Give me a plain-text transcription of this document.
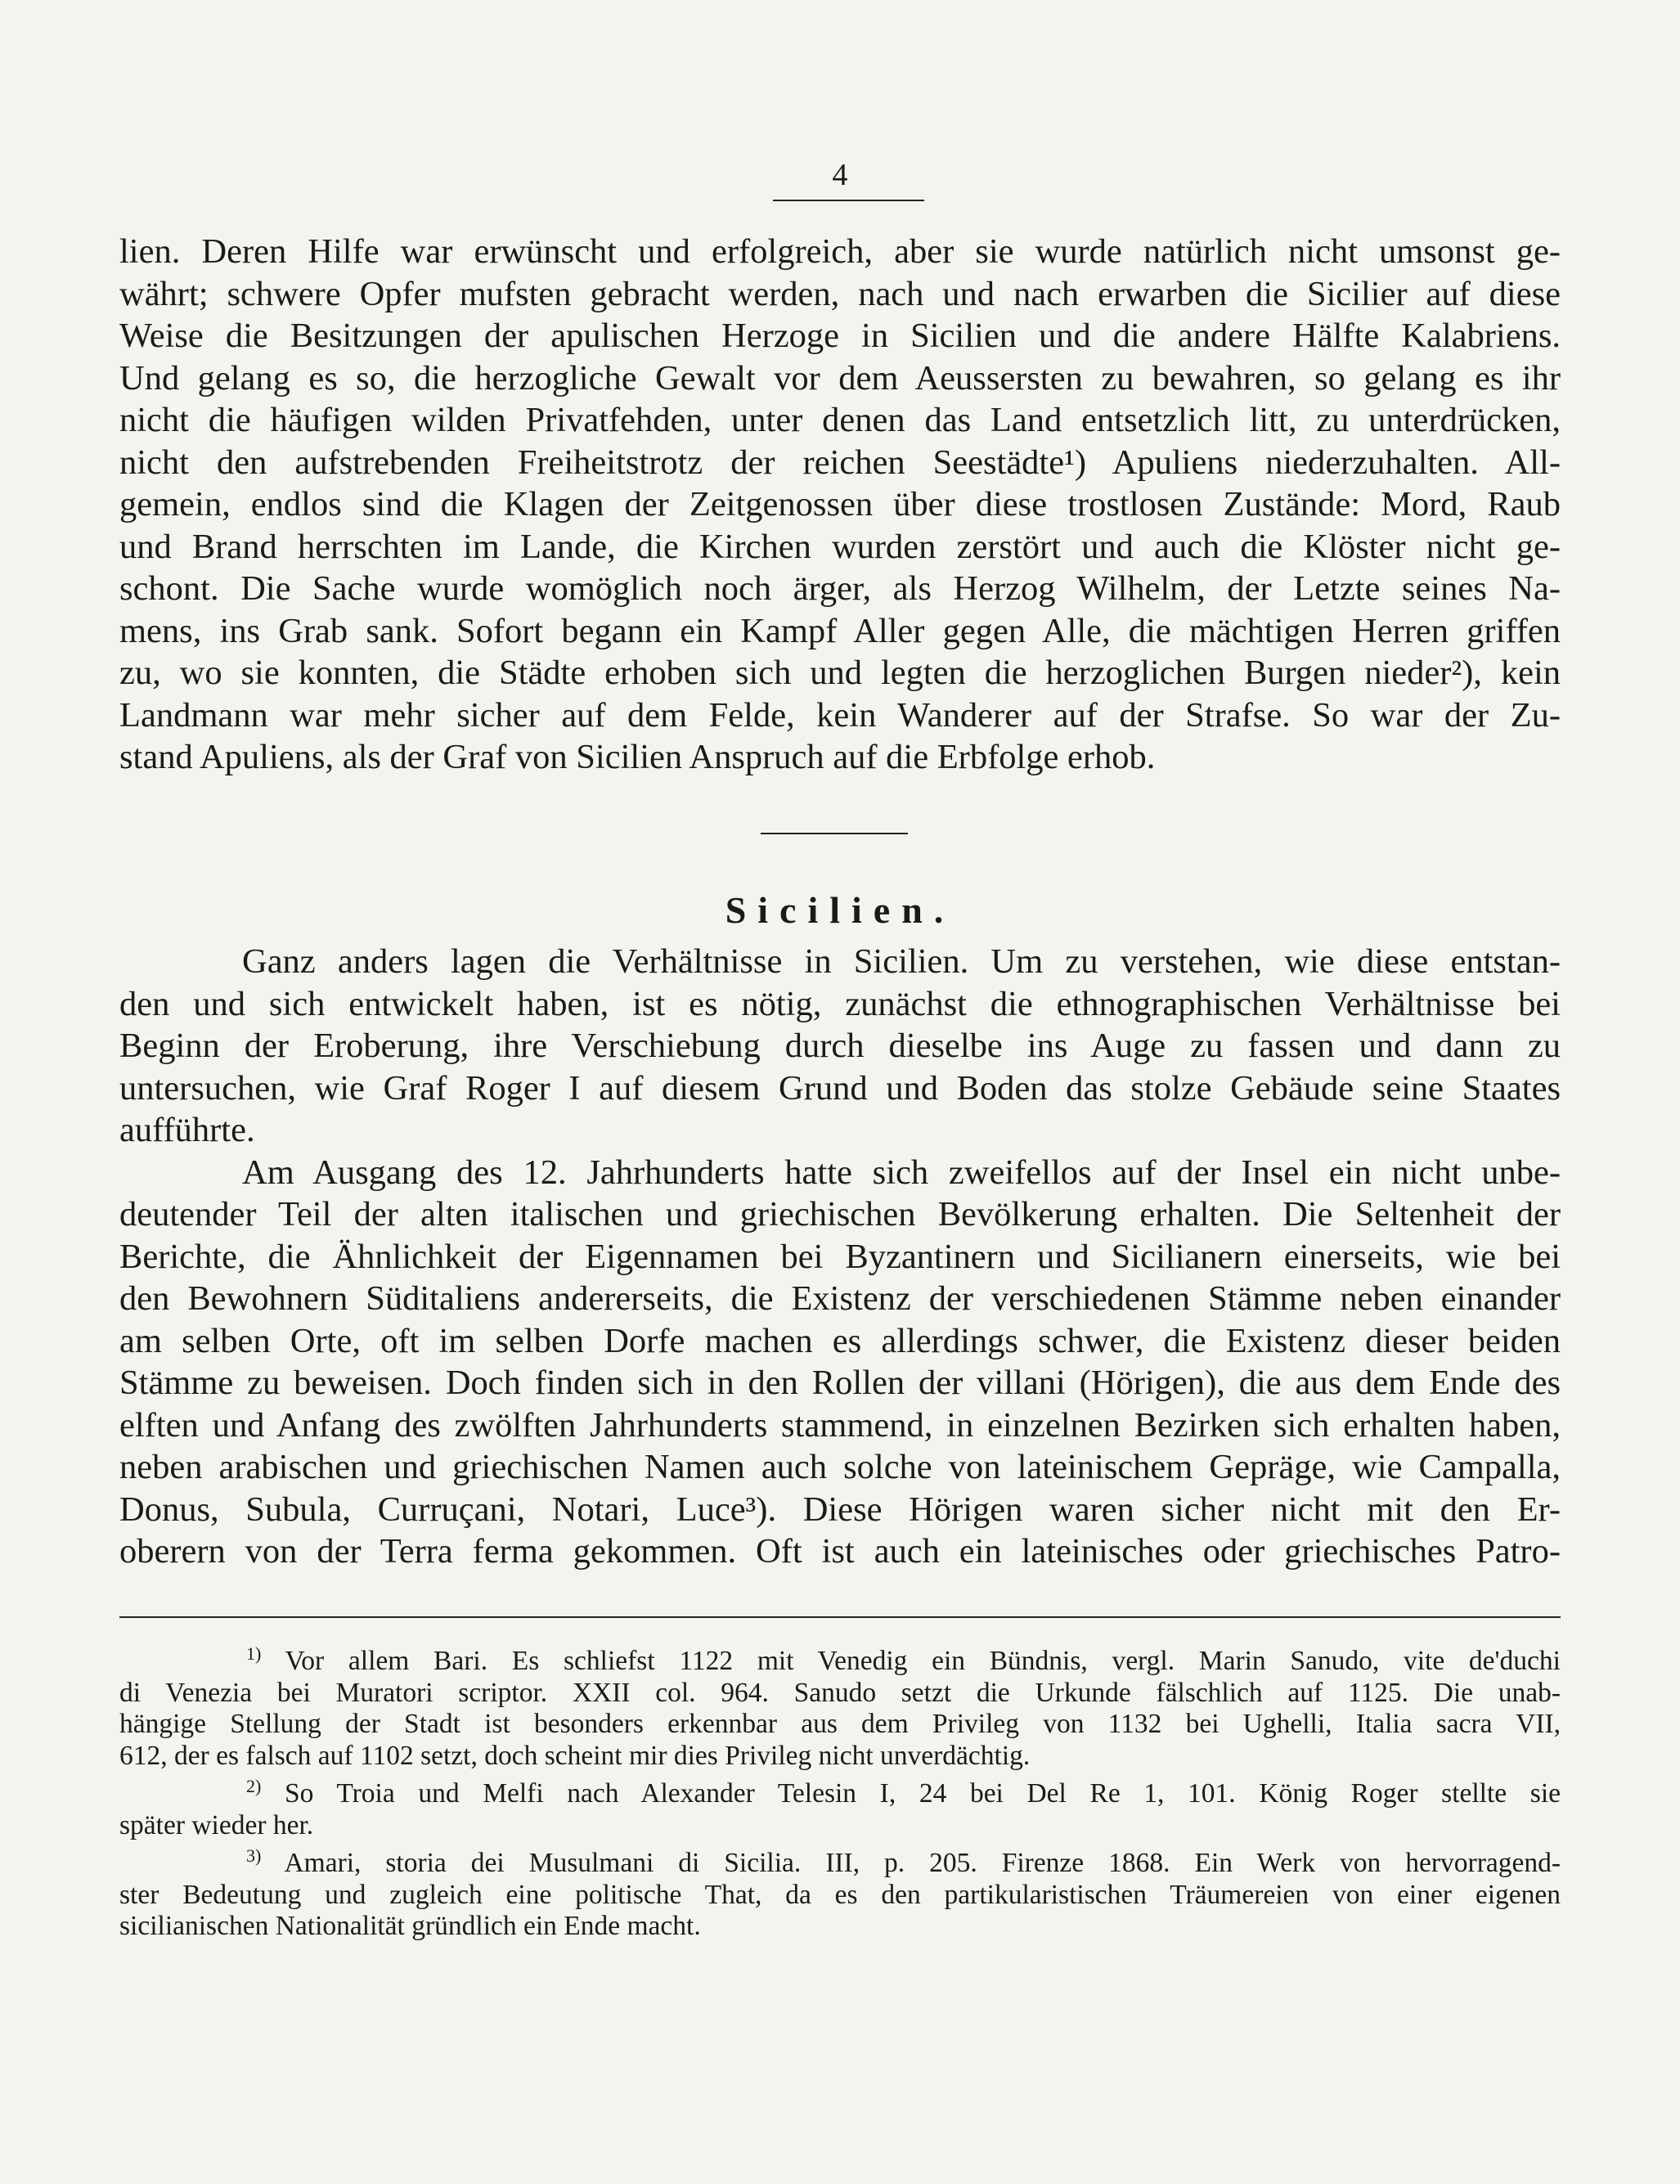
4
lien. Deren Hilfe war erwünscht und erfolgreich, aber sie wurde natürlich nicht umsonst ge-
währt; schwere Opfer mufsten gebracht werden, nach und nach erwarben die Sicilier auf diese
Weise die Besitzungen der apulischen Herzoge in Sicilien und die andere Hälfte Kalabriens.
Und gelang es so, die herzogliche Gewalt vor dem Aeussersten zu bewahren, so gelang es ihr
nicht die häufigen wilden Privatfehden, unter denen das Land entsetzlich litt, zu unterdrücken,
nicht den aufstrebenden Freiheitstrotz der reichen Seestädte¹) Apuliens niederzuhalten. All-
gemein, endlos sind die Klagen der Zeitgenossen über diese trostlosen Zustände: Mord, Raub
und Brand herrschten im Lande, die Kirchen wurden zerstört und auch die Klöster nicht ge-
schont. Die Sache wurde womöglich noch ärger, als Herzog Wilhelm, der Letzte seines Na-
mens, ins Grab sank. Sofort begann ein Kampf Aller gegen Alle, die mächtigen Herren griffen
zu, wo sie konnten, die Städte erhoben sich und legten die herzoglichen Burgen nieder²), kein
Landmann war mehr sicher auf dem Felde, kein Wanderer auf der Strafse. So war der Zu-
stand Apuliens, als der Graf von Sicilien Anspruch auf die Erbfolge erhob.
Sicilien.
Ganz anders lagen die Verhältnisse in Sicilien. Um zu verstehen, wie diese entstan-
den und sich entwickelt haben, ist es nötig, zunächst die ethnographischen Verhältnisse bei
Beginn der Eroberung, ihre Verschiebung durch dieselbe ins Auge zu fassen und dann zu
untersuchen, wie Graf Roger I auf diesem Grund und Boden das stolze Gebäude seine Staates
aufführte.
Am Ausgang des 12. Jahrhunderts hatte sich zweifellos auf der Insel ein nicht unbe-
deutender Teil der alten italischen und griechischen Bevölkerung erhalten. Die Seltenheit der
Berichte, die Ähnlichkeit der Eigennamen bei Byzantinern und Sicilianern einerseits, wie bei
den Bewohnern Süditaliens andererseits, die Existenz der verschiedenen Stämme neben einander
am selben Orte, oft im selben Dorfe machen es allerdings schwer, die Existenz dieser beiden
Stämme zu beweisen. Doch finden sich in den Rollen der villani (Hörigen), die aus dem Ende des
elften und Anfang des zwölften Jahrhunderts stammend, in einzelnen Bezirken sich erhalten haben,
neben arabischen und griechischen Namen auch solche von lateinischem Gepräge, wie Campalla,
Donus, Subula, Curruçani, Notari, Luce³). Diese Hörigen waren sicher nicht mit den Er-
oberern von der Terra ferma gekommen. Oft ist auch ein lateinisches oder griechisches Patro-
$^{1)}$ Vor allem Bari. Es schliefst 1122 mit Venedig ein Bündnis, vergl. Marin Sanudo, vite de'duchi
di Venezia bei Muratori scriptor. XXII col. 964. Sanudo setzt die Urkunde fälschlich auf 1125. Die unab-
hängige Stellung der Stadt ist besonders erkennbar aus dem Privileg von 1132 bei Ughelli, Italia sacra VII,
612, der es falsch auf 1102 setzt, doch scheint mir dies Privileg nicht unverdächtig.
$^{2)}$ So Troia und Melfi nach Alexander Telesin I, 24 bei Del Re 1, 101. König Roger stellte sie
später wieder her.
$^{3)}$ Amari, storia dei Musulmani di Sicilia. III, p. 205. Firenze 1868. Ein Werk von hervorragend-
ster Bedeutung und zugleich eine politische That, da es den partikularistischen Träumereien von einer eigenen
sicilianischen Nationalität gründlich ein Ende macht.
